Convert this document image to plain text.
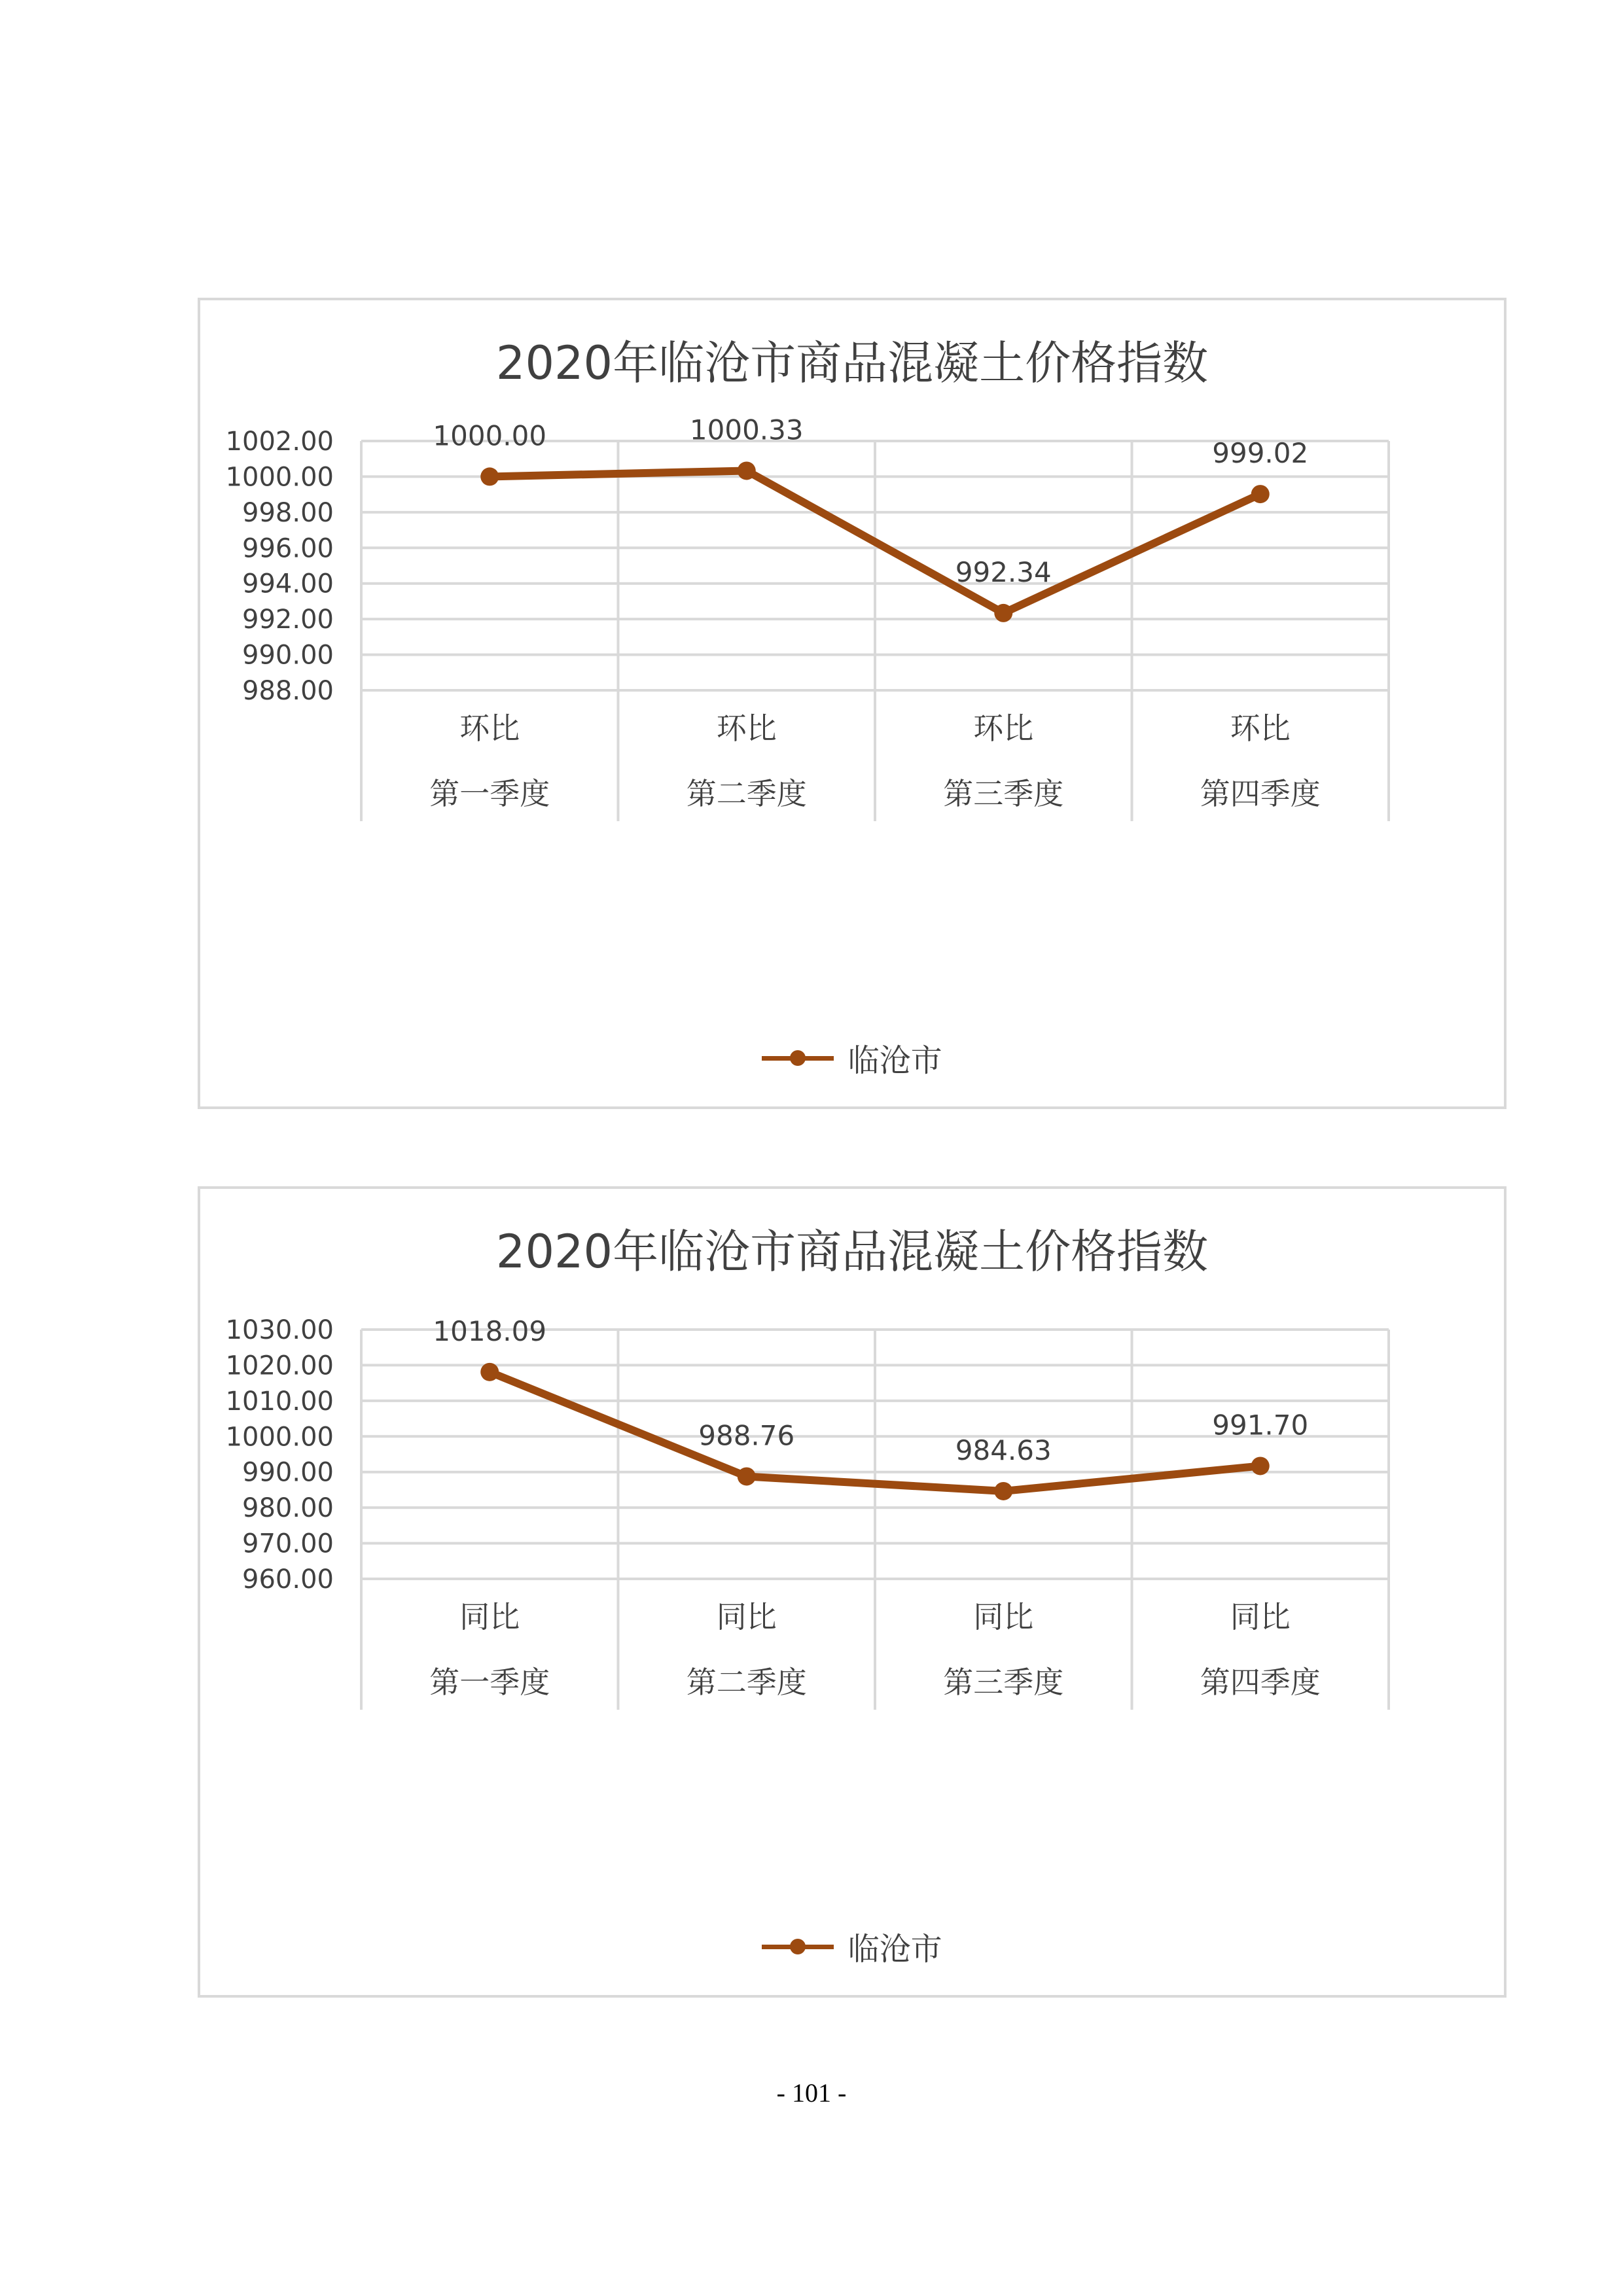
2020年临沧市商品混凝土价格指数
1002.00
1000.00
998.00
996.00
994.00
992.00
990.00
988.00
环比
第一季度
环比
第二季度
环比
第三季度
环比
第四季度
1000.00	1000.33
992.34
999.02
临沧市
2020年临沧市商品混凝土价格指数
1030.00
1020.00
1010.00
1000.00
990.00
980.00
970.00
960.00
同比
第一季度
同比
第二季度
同比
第三季度
同比
第四季度
1018.09
988.76	984.63
991.70
临沧市
- 101 -
